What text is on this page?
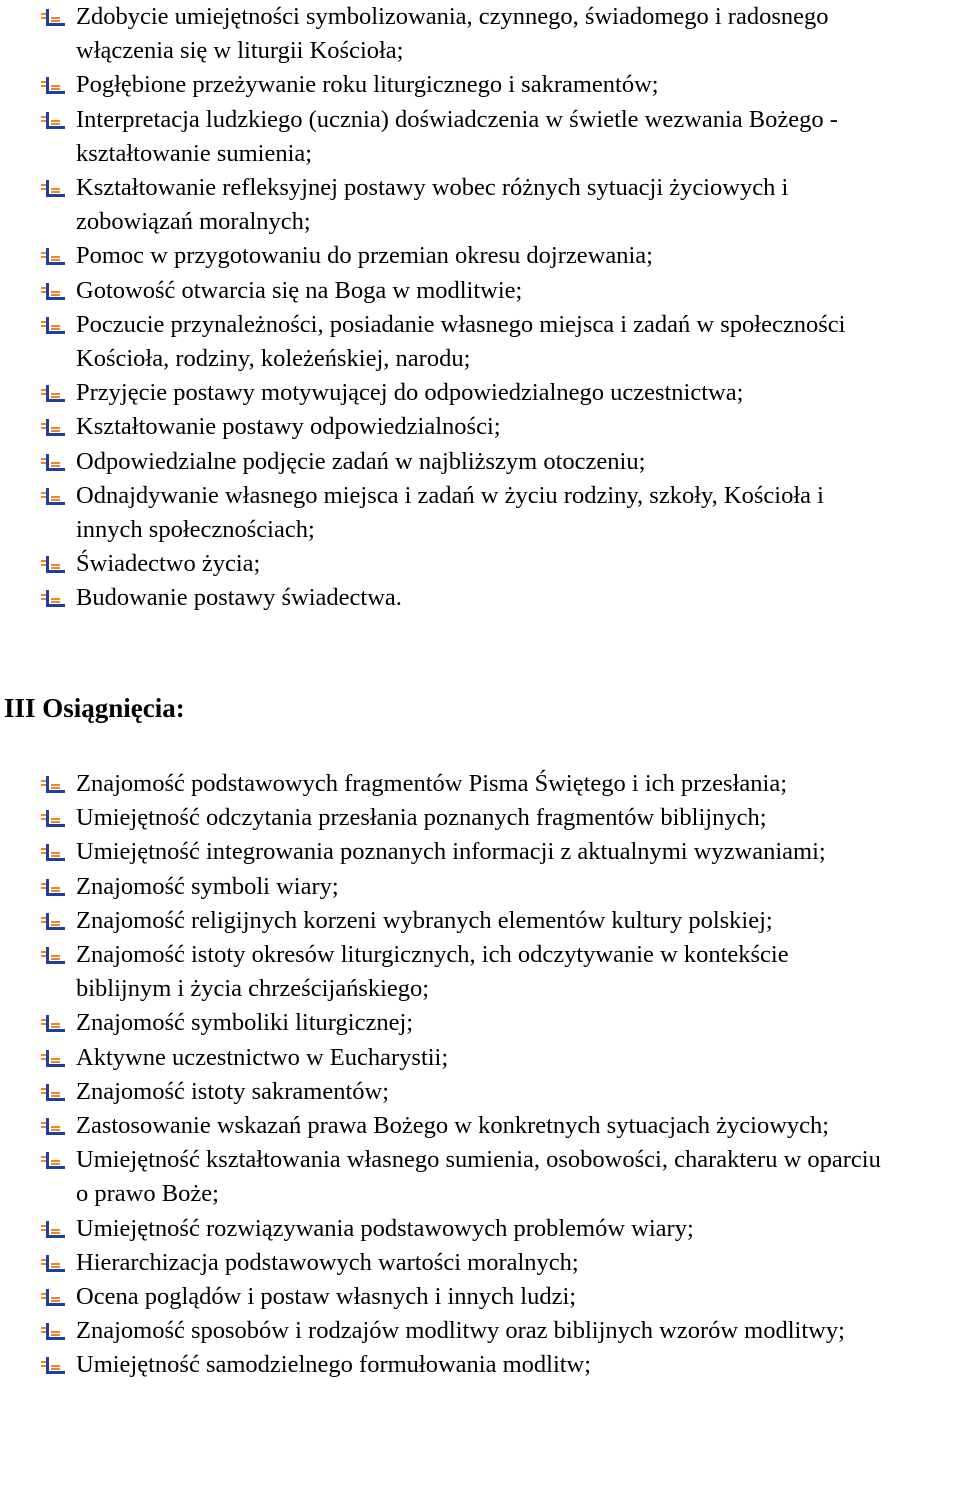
Zdobycie umiejętności symbolizowania, czynnego, świadomego i radosnego włączenia się w liturgii Kościoła;
Pogłębione przeżywanie roku liturgicznego i sakramentów;
Interpretacja ludzkiego (ucznia) doświadczenia w świetle wezwania Bożego - kształtowanie sumienia;
Kształtowanie refleksyjnej postawy wobec różnych sytuacji życiowych i zobowiązań moralnych;
Pomoc w przygotowaniu do przemian okresu dojrzewania;
Gotowość otwarcia się na Boga w modlitwie;
Poczucie przynależności, posiadanie własnego miejsca i zadań w społeczności Kościoła, rodziny, koleżeńskiej, narodu;
Przyjęcie postawy motywującej do odpowiedzialnego uczestnictwa;
Kształtowanie postawy odpowiedzialności;
Odpowiedzialne podjęcie zadań w najbliższym otoczeniu;
Odnajdywanie własnego miejsca i zadań w życiu rodziny, szkoły, Kościoła i innych społecznościach;
Świadectwo życia;
Budowanie postawy świadectwa.
III Osiągnięcia:
Znajomość podstawowych fragmentów Pisma Świętego i ich przesłania;
Umiejętność odczytania przesłania poznanych fragmentów biblijnych;
Umiejętność integrowania poznanych informacji z aktualnymi wyzwaniami;
Znajomość symboli wiary;
Znajomość religijnych korzeni wybranych elementów kultury polskiej;
Znajomość istoty okresów liturgicznych, ich odczytywanie w kontekście biblijnym i życia chrześcijańskiego;
Znajomość symboliki liturgicznej;
Aktywne uczestnictwo w Eucharystii;
Znajomość istoty sakramentów;
Zastosowanie wskazań prawa Bożego w konkretnych sytuacjach życiowych;
Umiejętność kształtowania własnego sumienia, osobowości, charakteru w oparciu o prawo Boże;
Umiejętność rozwiązywania podstawowych problemów wiary;
Hierarchizacja podstawowych wartości moralnych;
Ocena poglądów i postaw własnych i innych ludzi;
Znajomość sposobów i rodzajów modlitwy oraz biblijnych wzorów modlitwy;
Umiejętność samodzielnego formułowania modlitw;
